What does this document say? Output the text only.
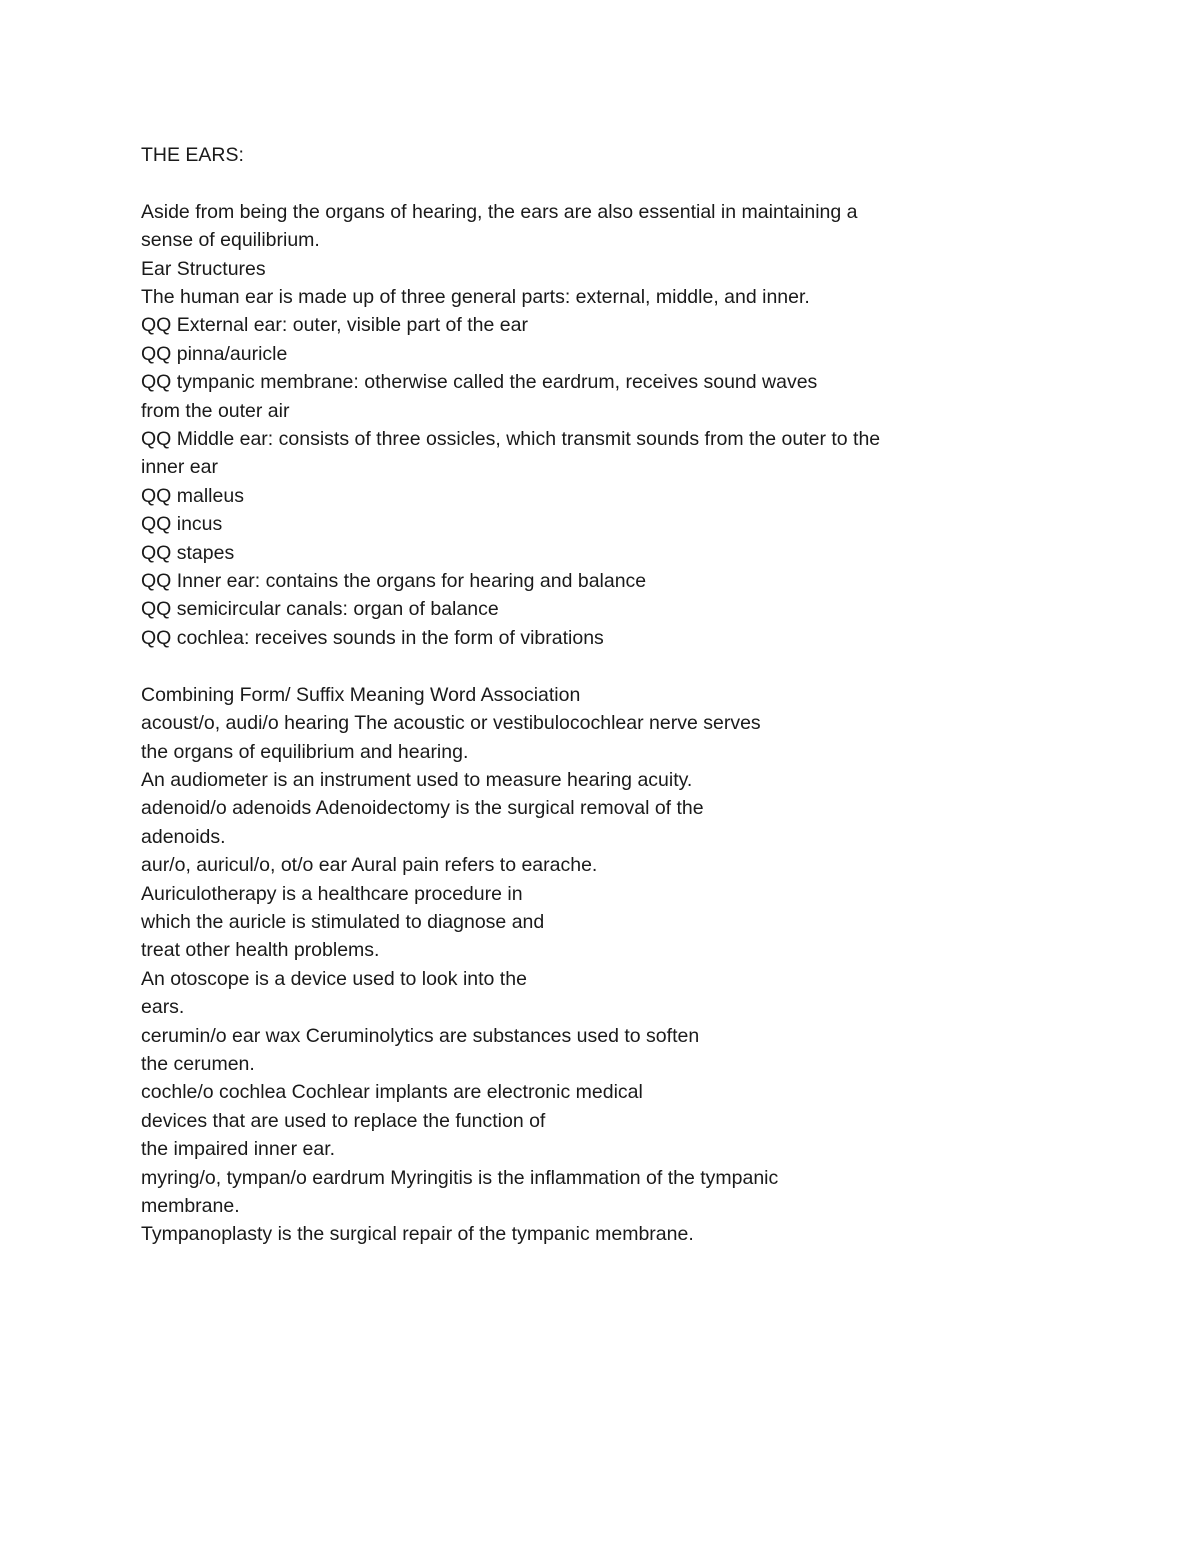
THE EARS:
Aside from being the organs of hearing, the ears are also essential in maintaining a
sense of equilibrium.
Ear Structures
The human ear is made up of three general parts: external, middle, and inner.
QQ External ear: outer, visible part of the ear
QQ pinna/auricle
QQ tympanic membrane: otherwise called the eardrum, receives sound waves
from the outer air
QQ Middle ear: consists of three ossicles, which transmit sounds from the outer to the
inner ear
QQ malleus
QQ incus
QQ stapes
QQ Inner ear: contains the organs for hearing and balance
QQ semicircular canals: organ of balance
QQ cochlea: receives sounds in the form of vibrations
Combining Form/ Suffix Meaning Word Association
acoust/o, audi/o hearing The acoustic or vestibulocochlear nerve serves
the organs of equilibrium and hearing.
An audiometer is an instrument used to measure hearing acuity.
adenoid/o adenoids Adenoidectomy is the surgical removal of the
adenoids.
aur/o, auricul/o, ot/o ear Aural pain refers to earache.
Auriculotherapy is a healthcare procedure in
which the auricle is stimulated to diagnose and
treat other health problems.
An otoscope is a device used to look into the
ears.
cerumin/o ear wax Ceruminolytics are substances used to soften
the cerumen.
cochle/o cochlea Cochlear implants are electronic medical
devices that are used to replace the function of
the impaired inner ear.
myring/o, tympan/o eardrum Myringitis is the inflammation of the tympanic
membrane.
Tympanoplasty is the surgical repair of the tympanic membrane.
